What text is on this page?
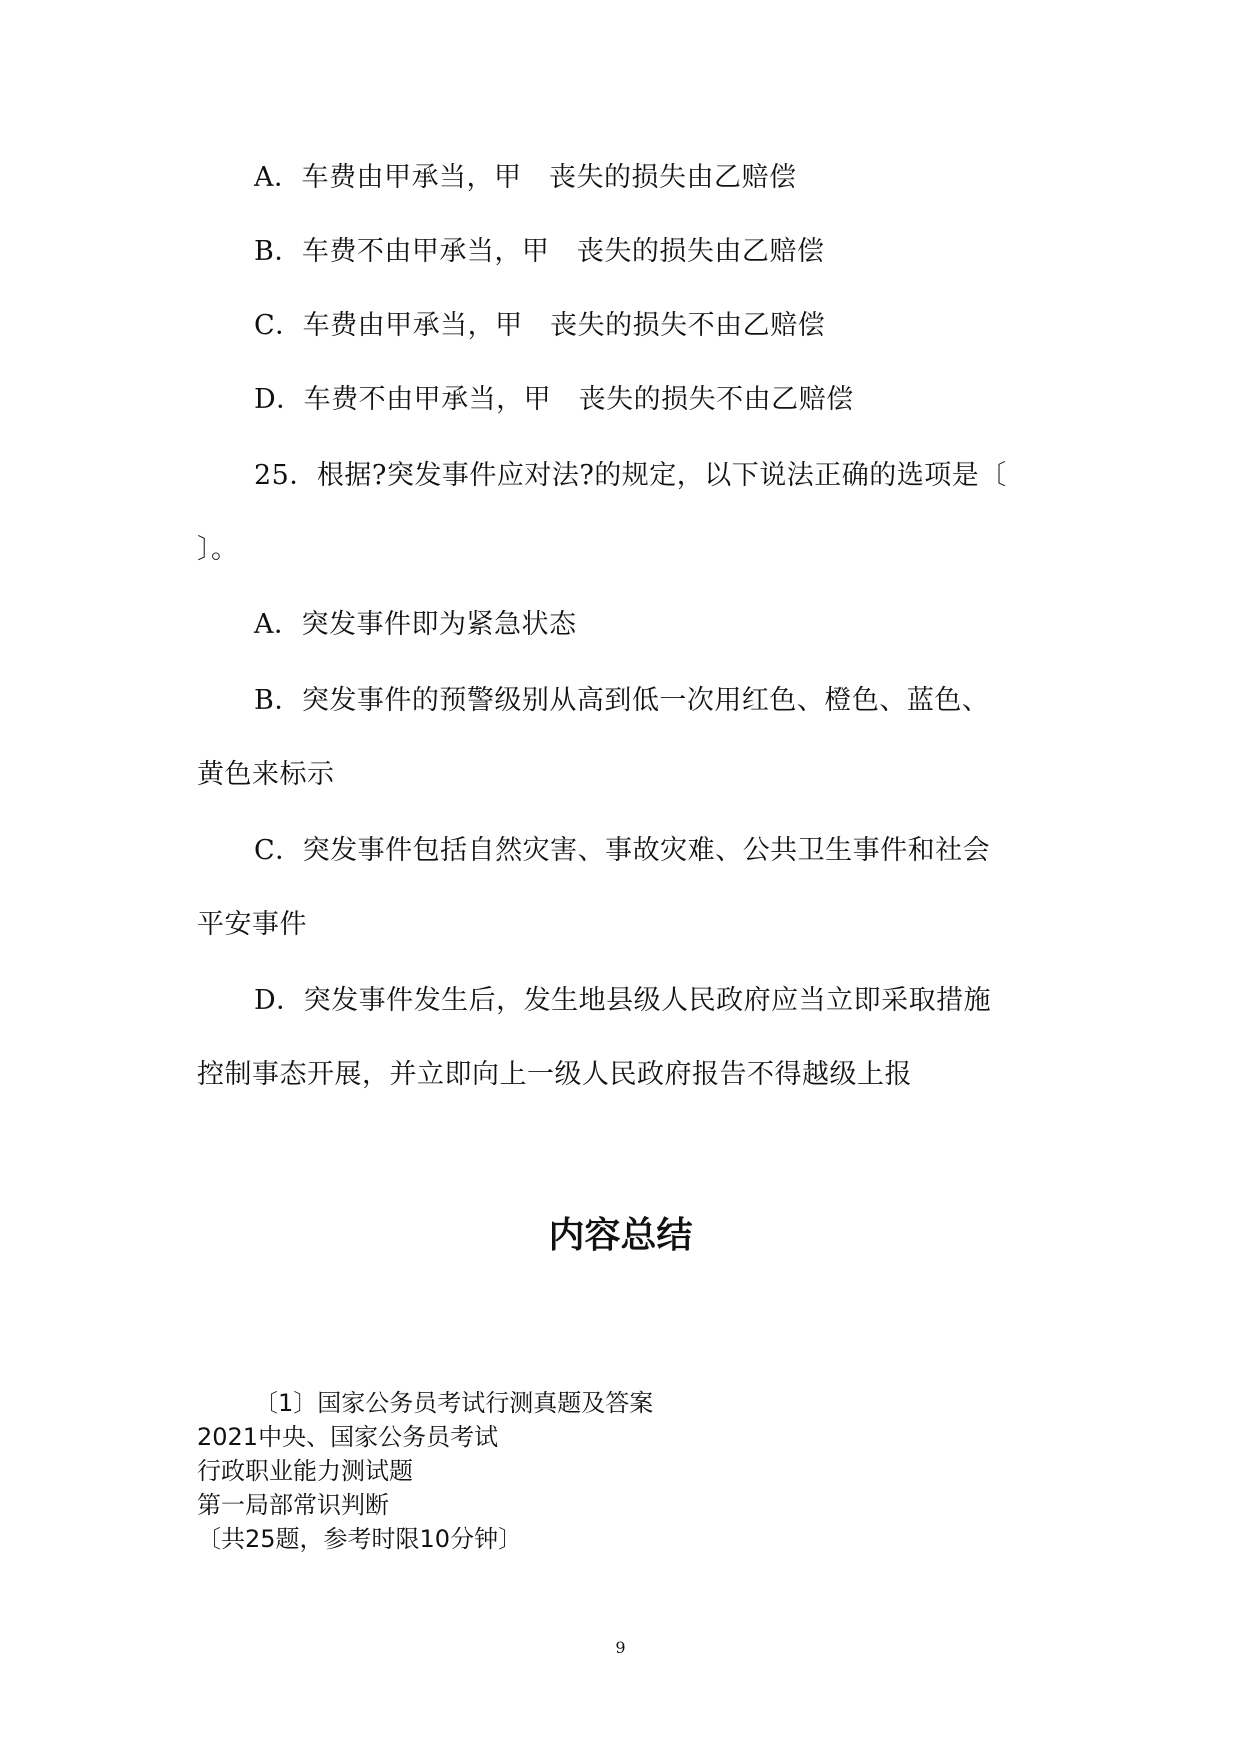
A．车费由甲承当，甲　丧失的损失由乙赔偿
B．车费不由甲承当，甲　丧失的损失由乙赔偿
C．车费由甲承当，甲　丧失的损失不由乙赔偿
D．车费不由甲承当，甲　丧失的损失不由乙赔偿
25．根据?突发事件应对法?的规定，以下说法正确的选项是〔
〕。
A．突发事件即为紧急状态
B．突发事件的预警级别从高到低一次用红色、橙色、蓝色、
黄色来标示
C．突发事件包括自然灾害、事故灾难、公共卫生事件和社会
平安事件
D．突发事件发生后，发生地县级人民政府应当立即采取措施
控制事态开展，并立即向上一级人民政府报告不得越级上报
内容总结
〔1〕国家公务员考试行测真题及答案
2021中央、国家公务员考试
行政职业能力测试题
第一局部常识判断
〔共25题，参考时限10分钟〕
9
